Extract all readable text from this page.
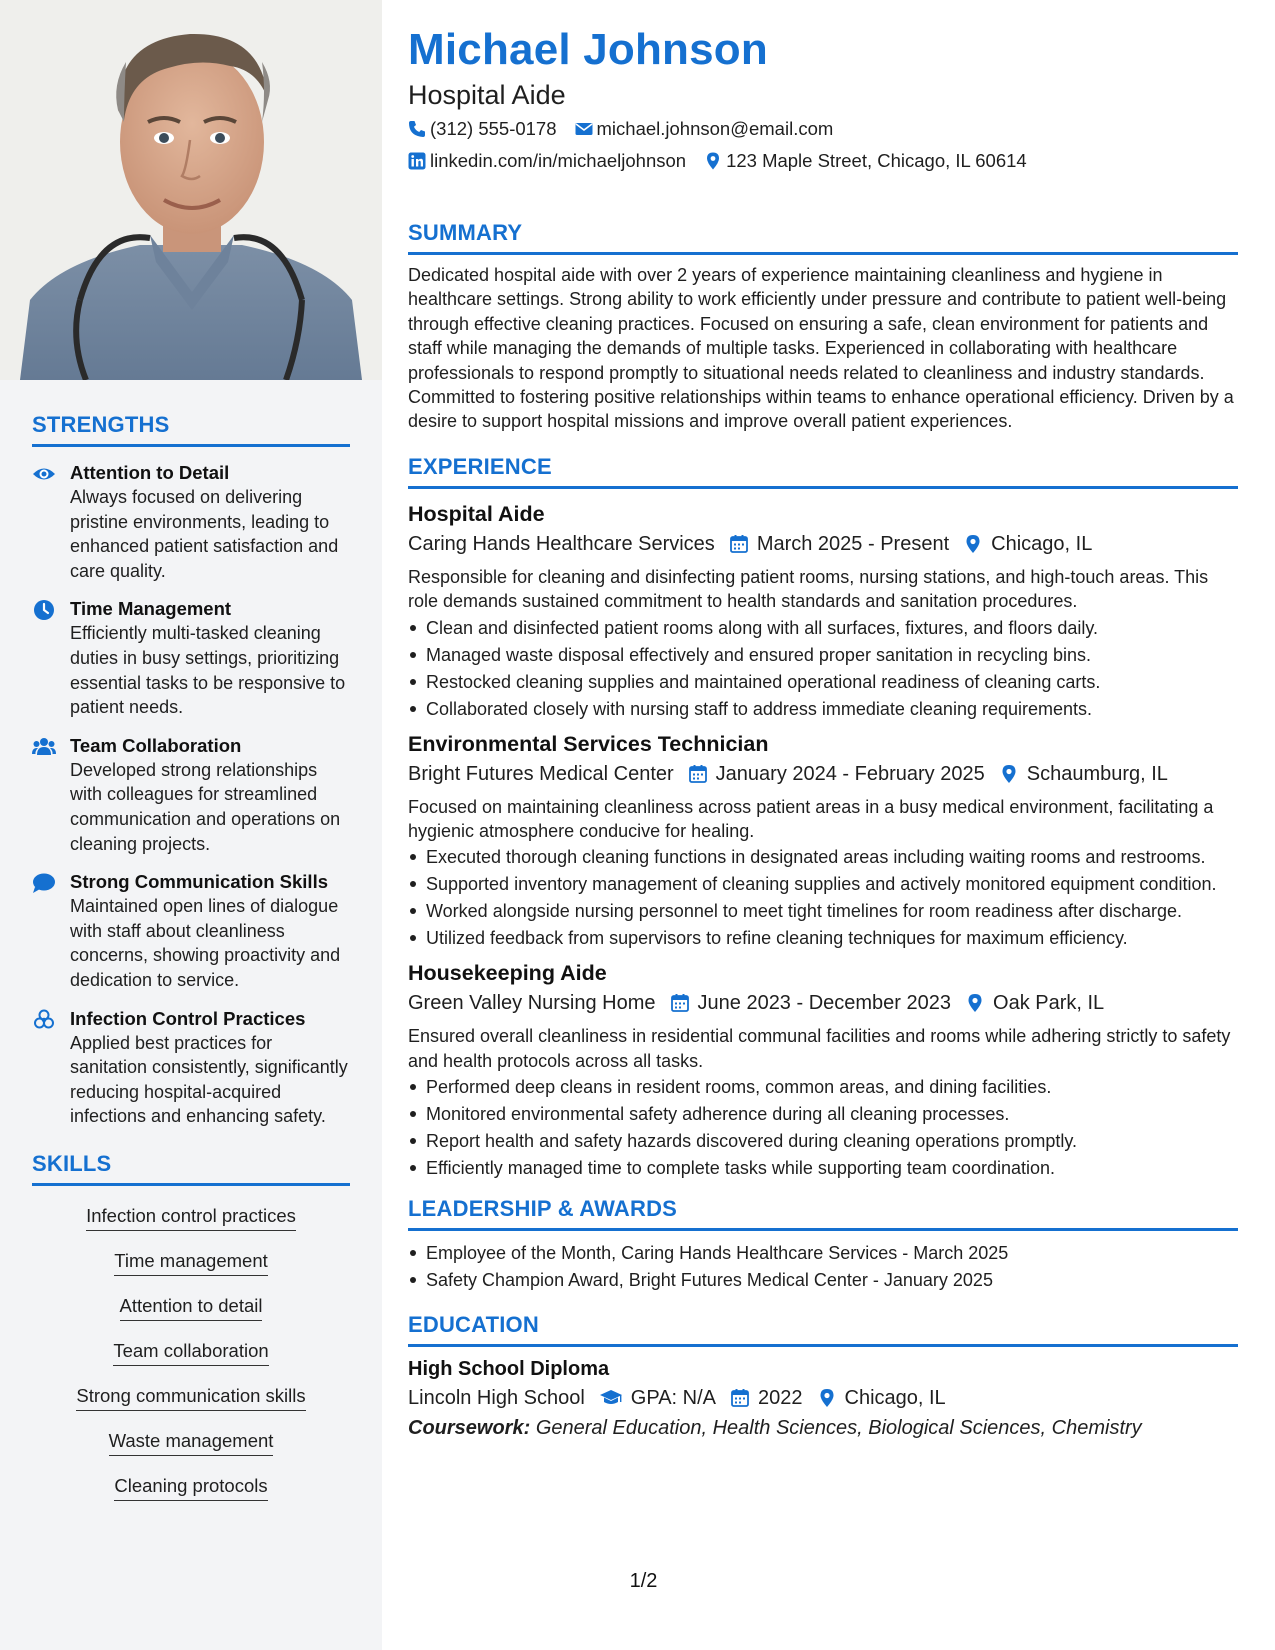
STRENGTHS
Attention to Detail
Always focused on delivering pristine environments, leading to enhanced patient satisfaction and care quality.
Time Management
Efficiently multi-tasked cleaning duties in busy settings, prioritizing essential tasks to be responsive to patient needs.
Team Collaboration
Developed strong relationships with colleagues for streamlined communication and operations on cleaning projects.
Strong Communication Skills
Maintained open lines of dialogue with staff about cleanliness concerns, showing proactivity and dedication to service.
Infection Control Practices
Applied best practices for sanitation consistently, significantly reducing hospital-acquired infections and enhancing safety.
SKILLS
Infection control practices
Time management
Attention to detail
Team collaboration
Strong communication skills
Waste management
Cleaning protocols
Michael Johnson
Hospital Aide
(312) 555-0178 michael.johnson@email.com
linkedin.com/in/michaeljohnson 123 Maple Street, Chicago, IL 60614
SUMMARY
Dedicated hospital aide with over 2 years of experience maintaining cleanliness and hygiene in healthcare settings. Strong ability to work efficiently under pressure and contribute to patient well-being through effective cleaning practices. Focused on ensuring a safe, clean environment for patients and staff while managing the demands of multiple tasks. Experienced in collaborating with healthcare professionals to respond promptly to situational needs related to cleanliness and industry standards. Committed to fostering positive relationships within teams to enhance operational efficiency. Driven by a desire to support hospital missions and improve overall patient experiences.
EXPERIENCE
Hospital Aide
Caring Hands Healthcare Services March 2025 - Present Chicago, IL
Responsible for cleaning and disinfecting patient rooms, nursing stations, and high-touch areas. This role demands sustained commitment to health standards and sanitation procedures.
Clean and disinfected patient rooms along with all surfaces, fixtures, and floors daily.
Managed waste disposal effectively and ensured proper sanitation in recycling bins.
Restocked cleaning supplies and maintained operational readiness of cleaning carts.
Collaborated closely with nursing staff to address immediate cleaning requirements.
Environmental Services Technician
Bright Futures Medical Center January 2024 - February 2025 Schaumburg, IL
Focused on maintaining cleanliness across patient areas in a busy medical environment, facilitating a hygienic atmosphere conducive for healing.
Executed thorough cleaning functions in designated areas including waiting rooms and restrooms.
Supported inventory management of cleaning supplies and actively monitored equipment condition.
Worked alongside nursing personnel to meet tight timelines for room readiness after discharge.
Utilized feedback from supervisors to refine cleaning techniques for maximum efficiency.
Housekeeping Aide
Green Valley Nursing Home June 2023 - December 2023 Oak Park, IL
Ensured overall cleanliness in residential communal facilities and rooms while adhering strictly to safety and health protocols across all tasks.
Performed deep cleans in resident rooms, common areas, and dining facilities.
Monitored environmental safety adherence during all cleaning processes.
Report health and safety hazards discovered during cleaning operations promptly.
Efficiently managed time to complete tasks while supporting team coordination.
LEADERSHIP & AWARDS
Employee of the Month, Caring Hands Healthcare Services - March 2025
Safety Champion Award, Bright Futures Medical Center - January 2025
EDUCATION
High School Diploma
Lincoln High School GPA: N/A 2022 Chicago, IL
Coursework: General Education, Health Sciences, Biological Sciences, Chemistry
1/2
